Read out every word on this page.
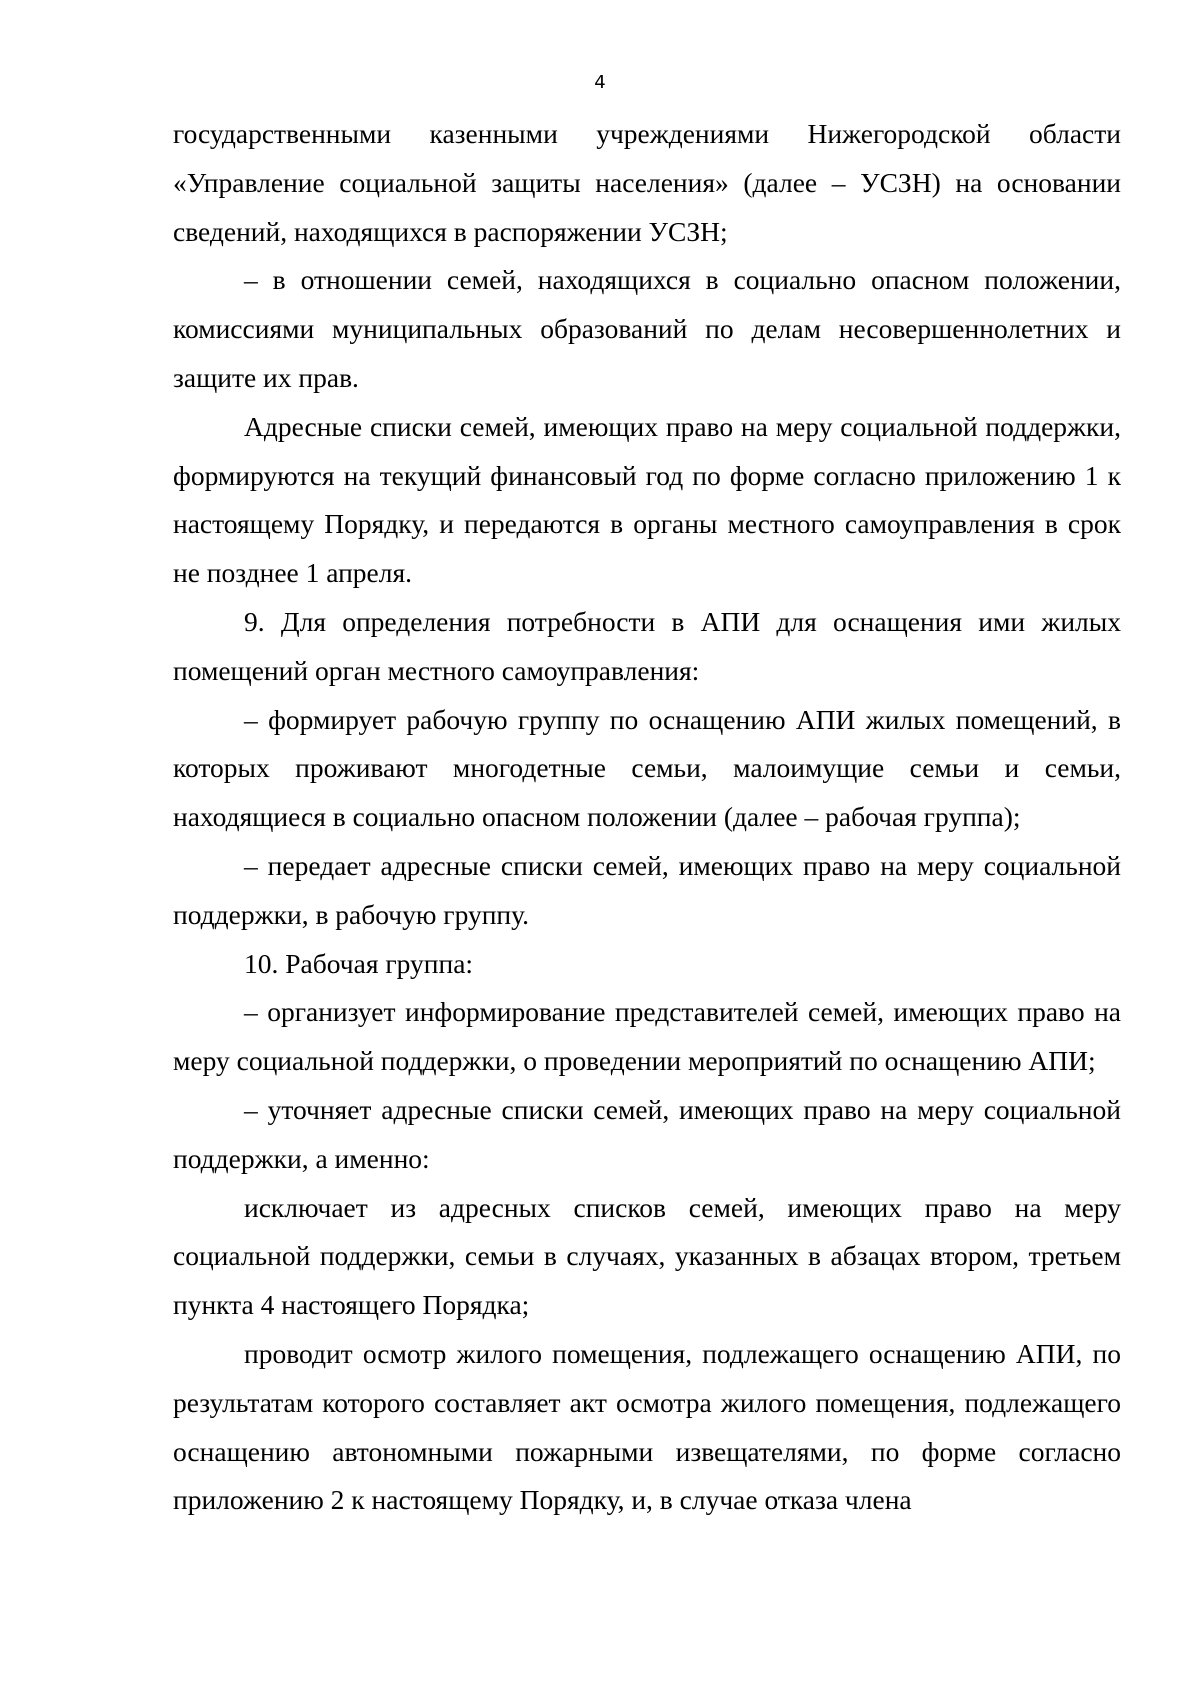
4

государственными казенными учреждениями Нижегородской области «Управление социальной защиты населения» (далее – УСЗН) на основании сведений, находящихся в распоряжении УСЗН;

– в отношении семей, находящихся в социально опасном положении, комиссиями муниципальных образований по делам несовершеннолетних и защите их прав.

Адресные списки семей, имеющих право на меру социальной поддержки, формируются на текущий финансовый год по форме согласно приложению 1 к настоящему Порядку, и передаются в органы местного самоуправления в срок не позднее 1 апреля.

9. Для определения потребности в АПИ для оснащения ими жилых помещений орган местного самоуправления:

– формирует рабочую группу по оснащению АПИ жилых помещений, в которых проживают многодетные семьи, малоимущие семьи и семьи, находящиеся в социально опасном положении (далее – рабочая группа);

– передает адресные списки семей, имеющих право на меру социальной поддержки, в рабочую группу.

10. Рабочая группа:

– организует информирование представителей семей, имеющих право на меру социальной поддержки, о проведении мероприятий по оснащению АПИ;

– уточняет адресные списки семей, имеющих право на меру социальной поддержки, а именно:

исключает из адресных списков семей, имеющих право на меру социальной поддержки, семьи в случаях, указанных в абзацах втором, третьем пункта 4 настоящего Порядка;

проводит осмотр жилого помещения, подлежащего оснащению АПИ, по результатам которого составляет акт осмотра жилого помещения, подлежащего оснащению автономными пожарными извещателями, по форме согласно приложению 2 к настоящему Порядку, и, в случае отказа члена
